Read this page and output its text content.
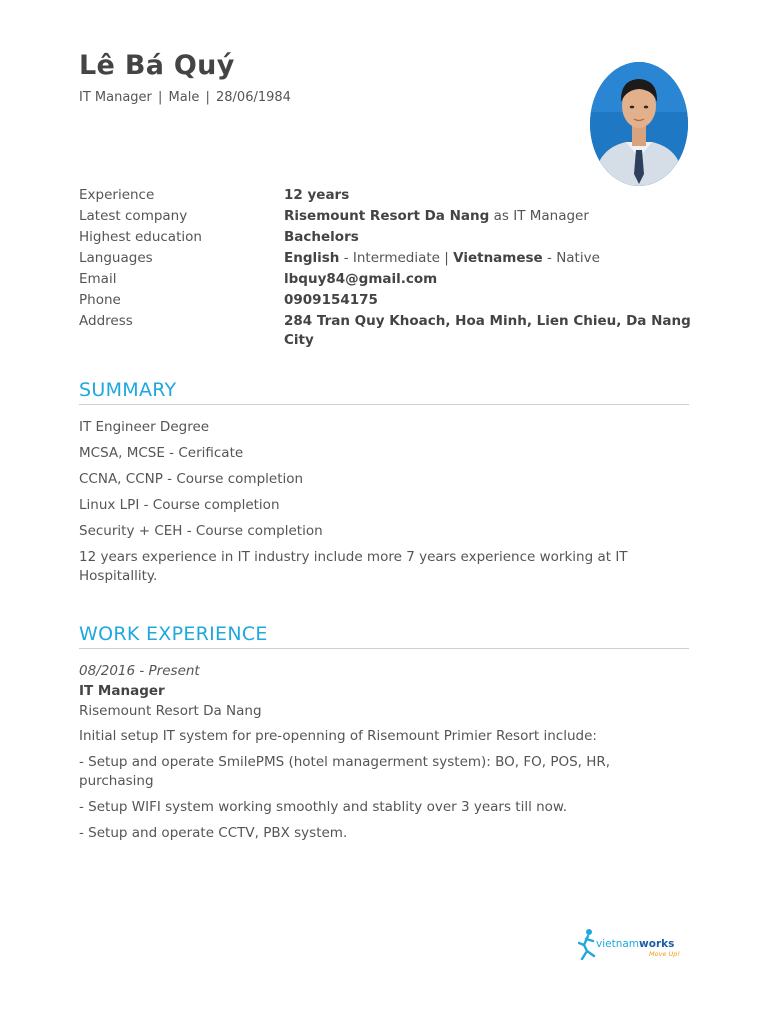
Lê Bá Quý
IT Manager | Male | 28/06/1984
Experience	12 years
Latest company	Risemount Resort Da Nang as IT Manager
Highest education	Bachelors
Languages	English - Intermediate | Vietnamese - Native
Email	lbquy84@gmail.com
Phone	0909154175
Address	284 Tran Quy Khoach, Hoa Minh, Lien Chieu, Da Nang City
SUMMARY

IT Engineer Degree

MCSA, MCSE - Cerificate

CCNA, CCNP - Course completion

Linux LPI - Course completion

Security + CEH - Course completion

12 years experience in IT industry include more 7 years experience working at IT Hospitallity.

WORK EXPERIENCE

08/2016 - Present

IT Manager

Risemount Resort Da Nang

Initial setup IT system for pre-openning of Risemount Primier Resort include:

- Setup and operate SmilePMS (hotel managerment system): BO, FO, POS, HR, purchasing

- Setup WIFI system working smoothly and stablity over 3 years till now.

- Setup and operate CCTV, PBX system.

vietnamworks
Move Up!
